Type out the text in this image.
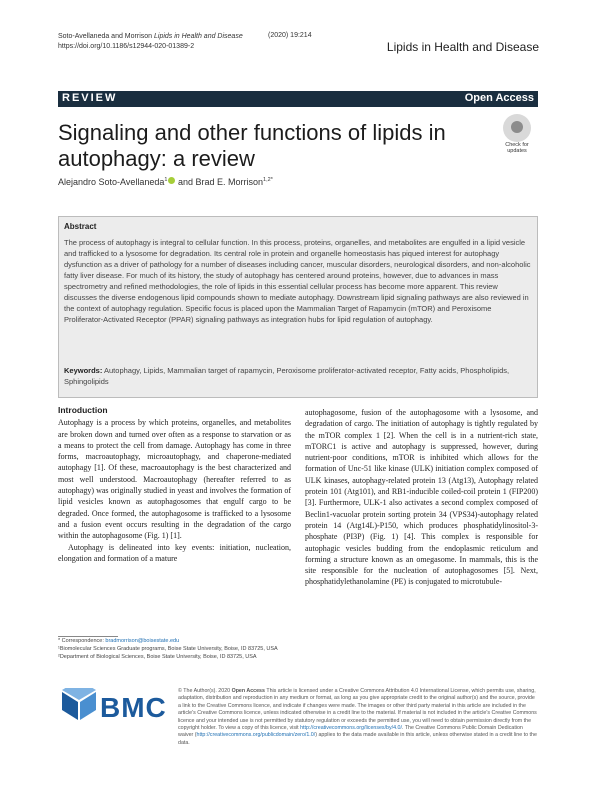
Soto-Avellaneda and Morrison Lipids in Health and Disease
https://doi.org/10.1186/s12944-020-01389-2
(2020) 19:214
Lipids in Health and Disease
REVIEW	Open Access
Signaling and other functions of lipids in autophagy: a review
Check for
updates
Alejandro Soto-Avellaneda$^1$ and Brad E. Morrison$^{1,2*}$
Abstract
The process of autophagy is integral to cellular function. In this process, proteins, organelles, and metabolites are engulfed in a lipid vesicle and trafficked to a lysosome for degradation. Its central role in protein and organelle homeostasis has piqued interest for autophagy dysfunction as a driver of pathology for a number of diseases including cancer, muscular disorders, neurological disorders, and non-alcoholic fatty liver disease. For much of its history, the study of autophagy has centered around proteins, however, due to advances in mass spectrometry and refined methodologies, the role of lipids in this essential cellular process has become more apparent. This review discusses the diverse endogenous lipid compounds shown to mediate autophagy. Downstream lipid signaling pathways are also reviewed in the context of autophagy regulation. Specific focus is placed upon the Mammalian Target of Rapamycin (mTOR) and Peroxisome Proliferator-Activated Receptor (PPAR) signaling pathways as integration hubs for lipid regulation of autophagy.
Keywords: Autophagy, Lipids, Mammalian target of rapamycin, Peroxisome proliferator-activated receptor, Fatty acids, Phospholipids, Sphingolipids
Introduction

Autophagy is a process by which proteins, organelles, and metabolites are broken down and turned over often as a response to starvation or as a means to protect the cell from damage. Autophagy has come in three forms, macroautophagy, microautophagy, and chaperone-mediated autophagy [1]. Of these, macroautophagy is the best characterized and most well understood. Macroautophagy (hereafter referred to as autophagy) was originally studied in yeast and involves the formation of lipid vesicles known as autophagosomes that engulf cargo to be degraded. Once formed, the autophagosome is trafficked to a lysosome and a fusion event occurs resulting in the degradation of the cargo within the autophagosome (Fig. 1) [1].

Autophagy is delineated into key events: initiation, nucleation, elongation and formation of a mature

autophagosome, fusion of the autophagosome with a lysosome, and degradation of cargo. The initiation of autophagy is tightly regulated by the mTOR complex 1 [2]. When the cell is in a nutrient-rich state, mTORC1 is active and autophagy is suppressed, however, during nutrient-poor conditions, mTOR is inhibited which allows for the formation of Unc-51 like kinase (ULK) initiation complex composed of ULK kinases, autophagy-related protein 13 (Atg13), Autophagy related protein 101 (Atg101), and RB1-inducible coiled-coil protein 1 (FIP200) [3]. Furthermore, ULK-1 also activates a second complex composed of Beclin1-vacuolar protein sorting protein 34 (VPS34)-autophagy related protein 14 (Atg14L)-P150, which produces phosphatidylinositol-3-phosphate (PI3P) (Fig. 1) [4]. This complex is responsible for autophagic vesicles budding from the endoplasmic reticulum and forming a structure known as an omegasome. In mammals, this is the site responsible for the nucleation of autophagosomes [5]. Next, phosphatidylethanolamine (PE) is conjugated to microtubule-

* Correspondence: bradmorrison@boisestate.edu
¹Biomolecular Sciences Graduate programs, Boise State University, Boise, ID 83725, USA
²Department of Biological Sciences, Boise State University, Boise, ID 83725, USA
BMC
© The Author(s). 2020 Open Access This article is licensed under a Creative Commons Attribution 4.0 International License, which permits use, sharing, adaptation, distribution and reproduction in any medium or format, as long as you give appropriate credit to the original author(s) and the source, provide a link to the Creative Commons licence, and indicate if changes were made. The images or other third party material in this article are included in the article's Creative Commons licence, unless indicated otherwise in a credit line to the material. If material is not included in the article's Creative Commons licence and your intended use is not permitted by statutory regulation or exceeds the permitted use, you will need to obtain permission directly from the copyright holder. To view a copy of this licence, visit http://creativecommons.org/licenses/by/4.0/. The Creative Commons Public Domain Dedication waiver (http://creativecommons.org/publicdomain/zero/1.0/) applies to the data made available in this article, unless otherwise stated in a credit line to the data.
